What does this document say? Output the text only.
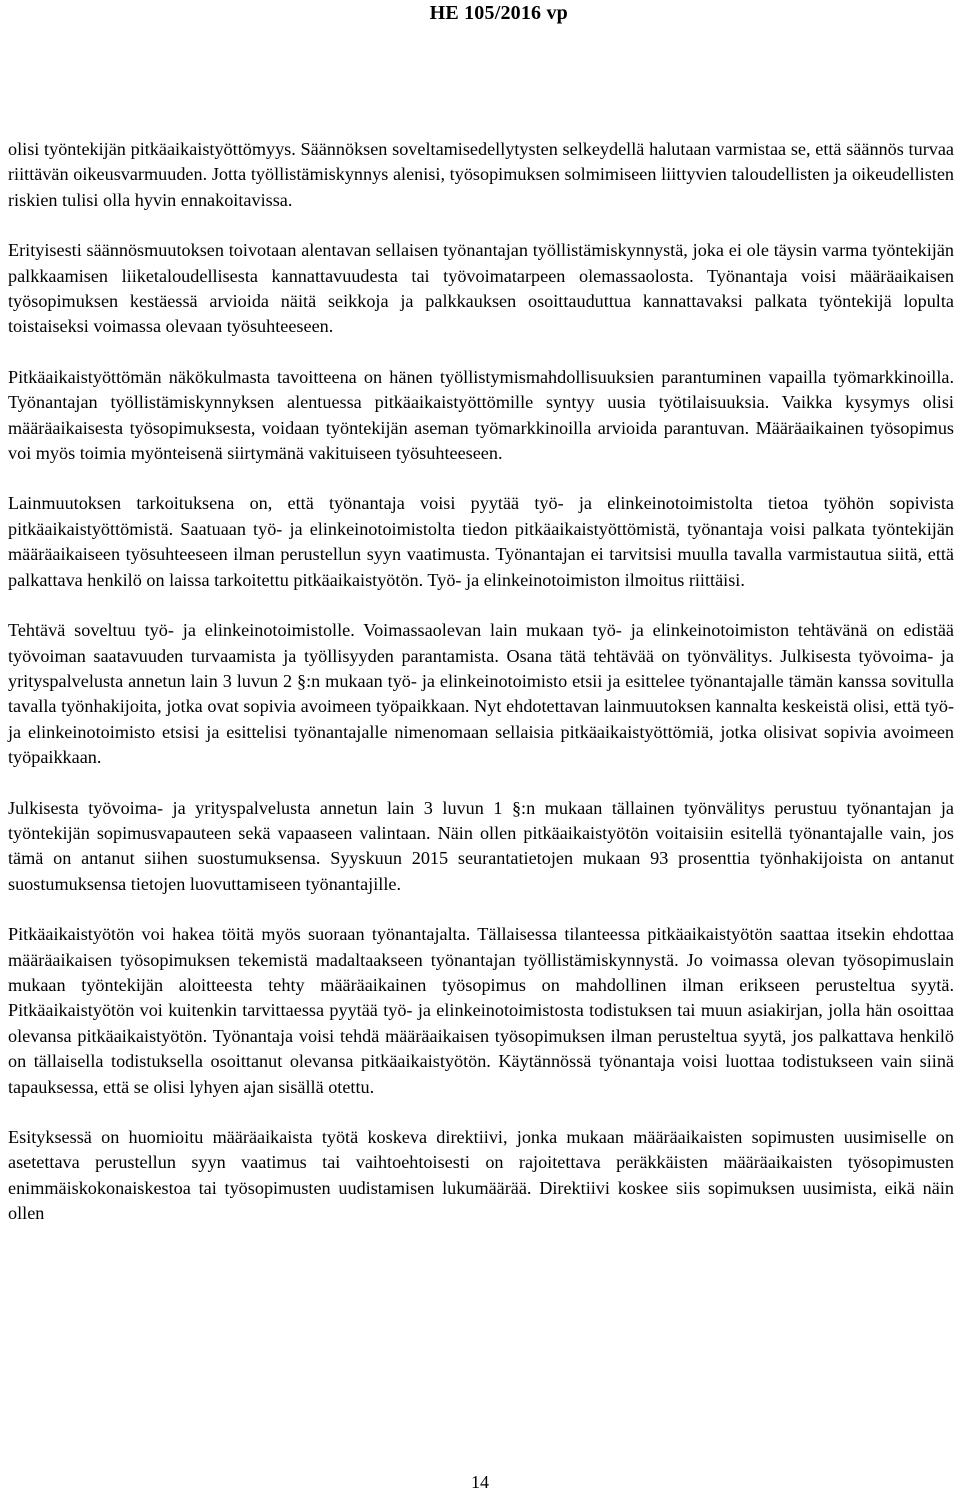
HE 105/2016 vp

olisi työntekijän pitkäaikaistyöttömyys. Säännöksen soveltamisedellytysten selkeydellä halutaan varmistaa se, että säännös turvaa riittävän oikeusvarmuuden. Jotta työllistämiskynnys alenisi, työsopimuksen solmimiseen liittyvien taloudellisten ja oikeudellisten riskien tulisi olla hyvin ennakoitavissa.

Erityisesti säännösmuutoksen toivotaan alentavan sellaisen työnantajan työllistämiskynnystä, joka ei ole täysin varma työntekijän palkkaamisen liiketaloudellisesta kannattavuudesta tai työvoimatarpeen olemassaolosta. Työnantaja voisi määräaikaisen työsopimuksen kestäessä arvioida näitä seikkoja ja palkkauksen osoittauduttua kannattavaksi palkata työntekijä lopulta toistaiseksi voimassa olevaan työsuhteeseen.

Pitkäaikaistyöttömän näkökulmasta tavoitteena on hänen työllistymismahdollisuuksien parantuminen vapailla työmarkkinoilla. Työnantajan työllistämiskynnyksen alentuessa pitkäaikaistyöttömille syntyy uusia työtilaisuuksia. Vaikka kysymys olisi määräaikaisesta työsopimuksesta, voidaan työntekijän aseman työmarkkinoilla arvioida parantuvan. Määräaikainen työsopimus voi myös toimia myönteisenä siirtymänä vakituiseen työsuhteeseen.

Lainmuutoksen tarkoituksena on, että työnantaja voisi pyytää työ- ja elinkeinotoimistolta tietoa työhön sopivista pitkäaikaistyöttömistä. Saatuaan työ- ja elinkeinotoimistolta tiedon pitkäaikaistyöttömistä, työnantaja voisi palkata työntekijän määräaikaiseen työsuhteeseen ilman perustellun syyn vaatimusta. Työnantajan ei tarvitsisi muulla tavalla varmistautua siitä, että palkattava henkilö on laissa tarkoitettu pitkäaikaistyötön. Työ- ja elinkeinotoimiston ilmoitus riittäisi.

Tehtävä soveltuu työ- ja elinkeinotoimistolle. Voimassaolevan lain mukaan työ- ja elinkeinotoimiston tehtävänä on edistää työvoiman saatavuuden turvaamista ja työllisyyden parantamista. Osana tätä tehtävää on työnvälitys. Julkisesta työvoima- ja yrityspalvelusta annetun lain 3 luvun 2 §:n mukaan työ- ja elinkeinotoimisto etsii ja esittelee työnantajalle tämän kanssa sovitulla tavalla työnhakijoita, jotka ovat sopivia avoimeen työpaikkaan. Nyt ehdotettavan lainmuutoksen kannalta keskeistä olisi, että työ- ja elinkeinotoimisto etsisi ja esittelisi työnantajalle nimenomaan sellaisia pitkäaikaistyöttömiä, jotka olisivat sopivia avoimeen työpaikkaan.

Julkisesta työvoima- ja yrityspalvelusta annetun lain 3 luvun 1 §:n mukaan tällainen työnvälitys perustuu työnantajan ja työntekijän sopimusvapauteen sekä vapaaseen valintaan. Näin ollen pitkäaikaistyötön voitaisiin esitellä työnantajalle vain, jos tämä on antanut siihen suostumuksensa. Syyskuun 2015 seurantatietojen mukaan 93 prosenttia työnhakijoista on antanut suostumuksensa tietojen luovuttamiseen työnantajille.

Pitkäaikaistyötön voi hakea töitä myös suoraan työnantajalta. Tällaisessa tilanteessa pitkäaikaistyötön saattaa itsekin ehdottaa määräaikaisen työsopimuksen tekemistä madaltaakseen työnantajan työllistämiskynnystä. Jo voimassa olevan työsopimuslain mukaan työntekijän aloitteesta tehty määräaikainen työsopimus on mahdollinen ilman erikseen perusteltua syytä. Pitkäaikaistyötön voi kuitenkin tarvittaessa pyytää työ- ja elinkeinotoimistosta todistuksen tai muun asiakirjan, jolla hän osoittaa olevansa pitkäaikaistyötön. Työnantaja voisi tehdä määräaikaisen työsopimuksen ilman perusteltua syytä, jos palkattava henkilö on tällaisella todistuksella osoittanut olevansa pitkäaikaistyötön. Käytännössä työnantaja voisi luottaa todistukseen vain siinä tapauksessa, että se olisi lyhyen ajan sisällä otettu.

Esityksessä on huomioitu määräaikaista työtä koskeva direktiivi, jonka mukaan määräaikaisten sopimusten uusimiselle on asetettava perustellun syyn vaatimus tai vaihtoehtoisesti on rajoitettava peräkkäisten määräaikaisten työsopimusten enimmäiskokonaiskestoa tai työsopimusten uudistamisen lukumäärää. Direktiivi koskee siis sopimuksen uusimista, eikä näin ollen

14
